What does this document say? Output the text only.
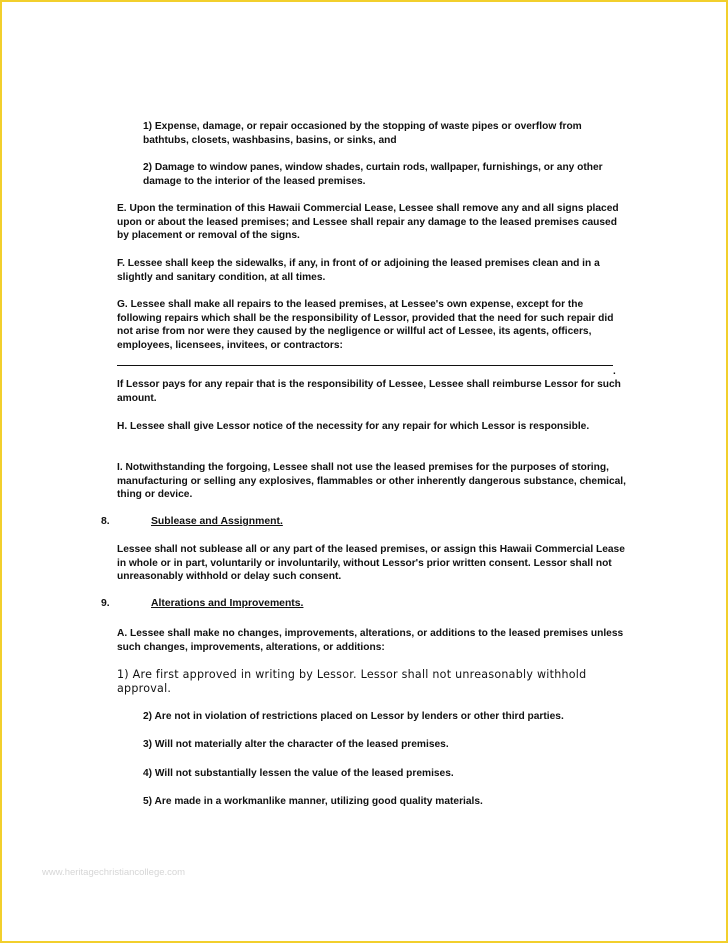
1) Expense, damage, or repair occasioned by the stopping of waste pipes or overflow from bathtubs, closets, washbasins, basins, or sinks, and

2) Damage to window panes, window shades, curtain rods, wallpaper, furnishings, or any other damage to the interior of the leased premises.

E. Upon the termination of this Hawaii Commercial Lease, Lessee shall remove any and all signs placed upon or about the leased premises; and Lessee shall repair any damage to the leased premises caused by placement or removal of the signs.

F. Lessee shall keep the sidewalks, if any, in front of or adjoining the leased premises clean and in a slightly and sanitary condition, at all times.

G. Lessee shall make all repairs to the leased premises, at Lessee's own expense, except for the following repairs which shall be the responsibility of Lessor, provided that the need for such repair did not arise from nor were they caused by the negligence or willful act of Lessee, its agents, officers, employees, licensees, invitees, or contractors:

.

If Lessor pays for any repair that is the responsibility of Lessee, Lessee shall reimburse Lessor for such amount.

H. Lessee shall give Lessor notice of the necessity for any repair for which Lessor is responsible.

I. Notwithstanding the forgoing, Lessee shall not use the leased premises for the purposes of storing, manufacturing or selling any explosives, flammables or other inherently dangerous substance, chemical, thing or device.

8.	Sublease and Assignment.

Lessee shall not sublease all or any part of the leased premises, or assign this Hawaii Commercial Lease in whole or in part, voluntarily or involuntarily, without Lessor's prior written consent. Lessor shall not unreasonably withhold or delay such consent.

9.	Alterations and Improvements.

A. Lessee shall make no changes, improvements, alterations, or additions to the leased premises unless such changes, improvements, alterations, or additions:

1) Are first approved in writing by Lessor. Lessor shall not unreasonably withhold approval.

2) Are not in violation of restrictions placed on Lessor by lenders or other third parties.

3) Will not materially alter the character of the leased premises.

4) Will not substantially lessen the value of the leased premises.

5) Are made in a workmanlike manner, utilizing good quality materials.

www.heritagechristiancollege.com
